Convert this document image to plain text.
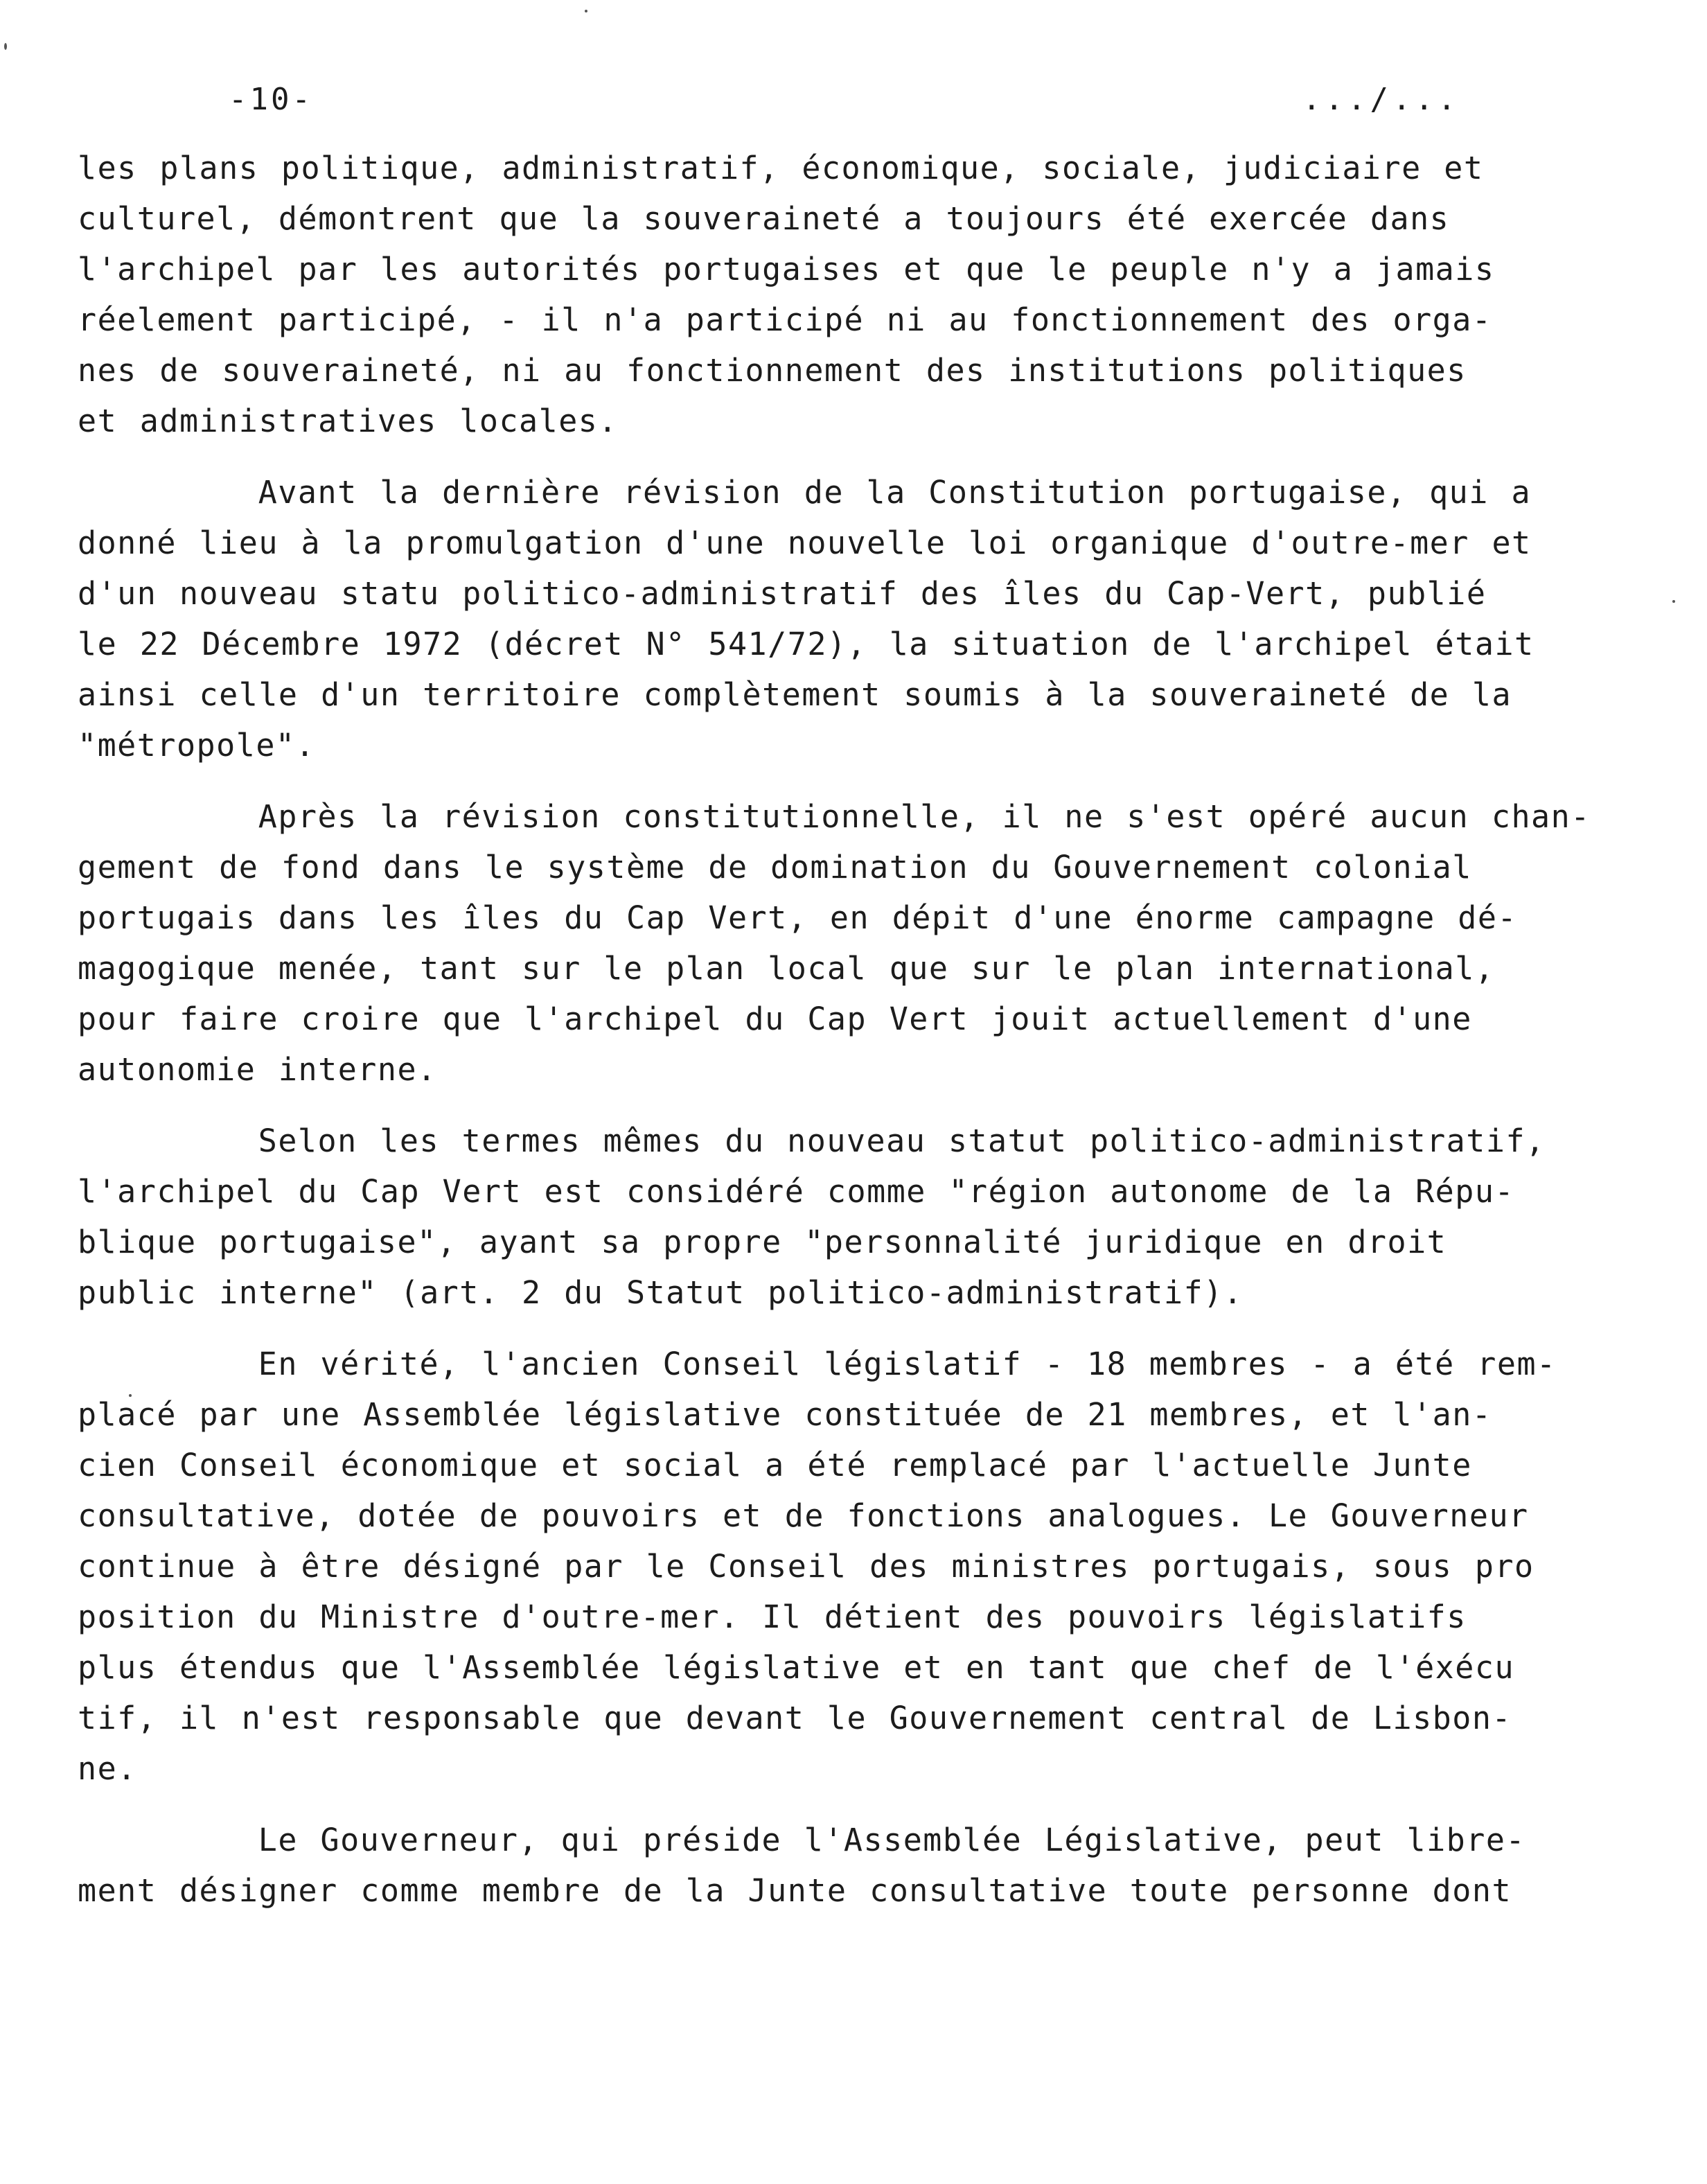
-10-	.../...
les plans politique, administratif, économique, sociale, judiciaire et
culturel, démontrent que la souveraineté a toujours été exercée dans
l'archipel par les autorités portugaises et que le peuple n'y a jamais
réelement participé, - il n'a participé ni au fonctionnement des orga-
nes de souveraineté, ni au fonctionnement des institutions politiques
et administratives locales.
Avant la dernière révision de la Constitution portugaise, qui a
donné lieu à la promulgation d'une nouvelle loi organique d'outre-mer et
d'un nouveau statu politico-administratif des îles du Cap-Vert, publié
le 22 Décembre 1972 (décret N° 541/72), la situation de l'archipel était
ainsi celle d'un territoire complètement soumis à la souveraineté de la
"métropole".
Après la révision constitutionnelle, il ne s'est opéré aucun chan-
gement de fond dans le système de domination du Gouvernement colonial
portugais dans les îles du Cap Vert, en dépit d'une énorme campagne dé-
magogique menée, tant sur le plan local que sur le plan international,
pour faire croire que l'archipel du Cap Vert jouit actuellement d'une
autonomie interne.
Selon les termes mêmes du nouveau statut politico-administratif,
l'archipel du Cap Vert est considéré comme "région autonome de la Répu-
blique portugaise", ayant sa propre "personnalité juridique en droit
public interne" (art. 2 du Statut politico-administratif).
En vérité, l'ancien Conseil législatif - 18 membres - a été rem-
placé par une Assemblée législative constituée de 21 membres, et l'an-
cien Conseil économique et social a été remplacé par l'actuelle Junte
consultative, dotée de pouvoirs et de fonctions analogues. Le Gouverneur
continue à être désigné par le Conseil des ministres portugais, sous pro
position du Ministre d'outre-mer. Il détient des pouvoirs législatifs
plus étendus que l'Assemblée législative et en tant que chef de l'éxécu
tif, il n'est responsable que devant le Gouvernement central de Lisbon-
ne.
Le Gouverneur, qui préside l'Assemblée Législative, peut libre-
ment désigner comme membre de la Junte consultative toute personne dont
